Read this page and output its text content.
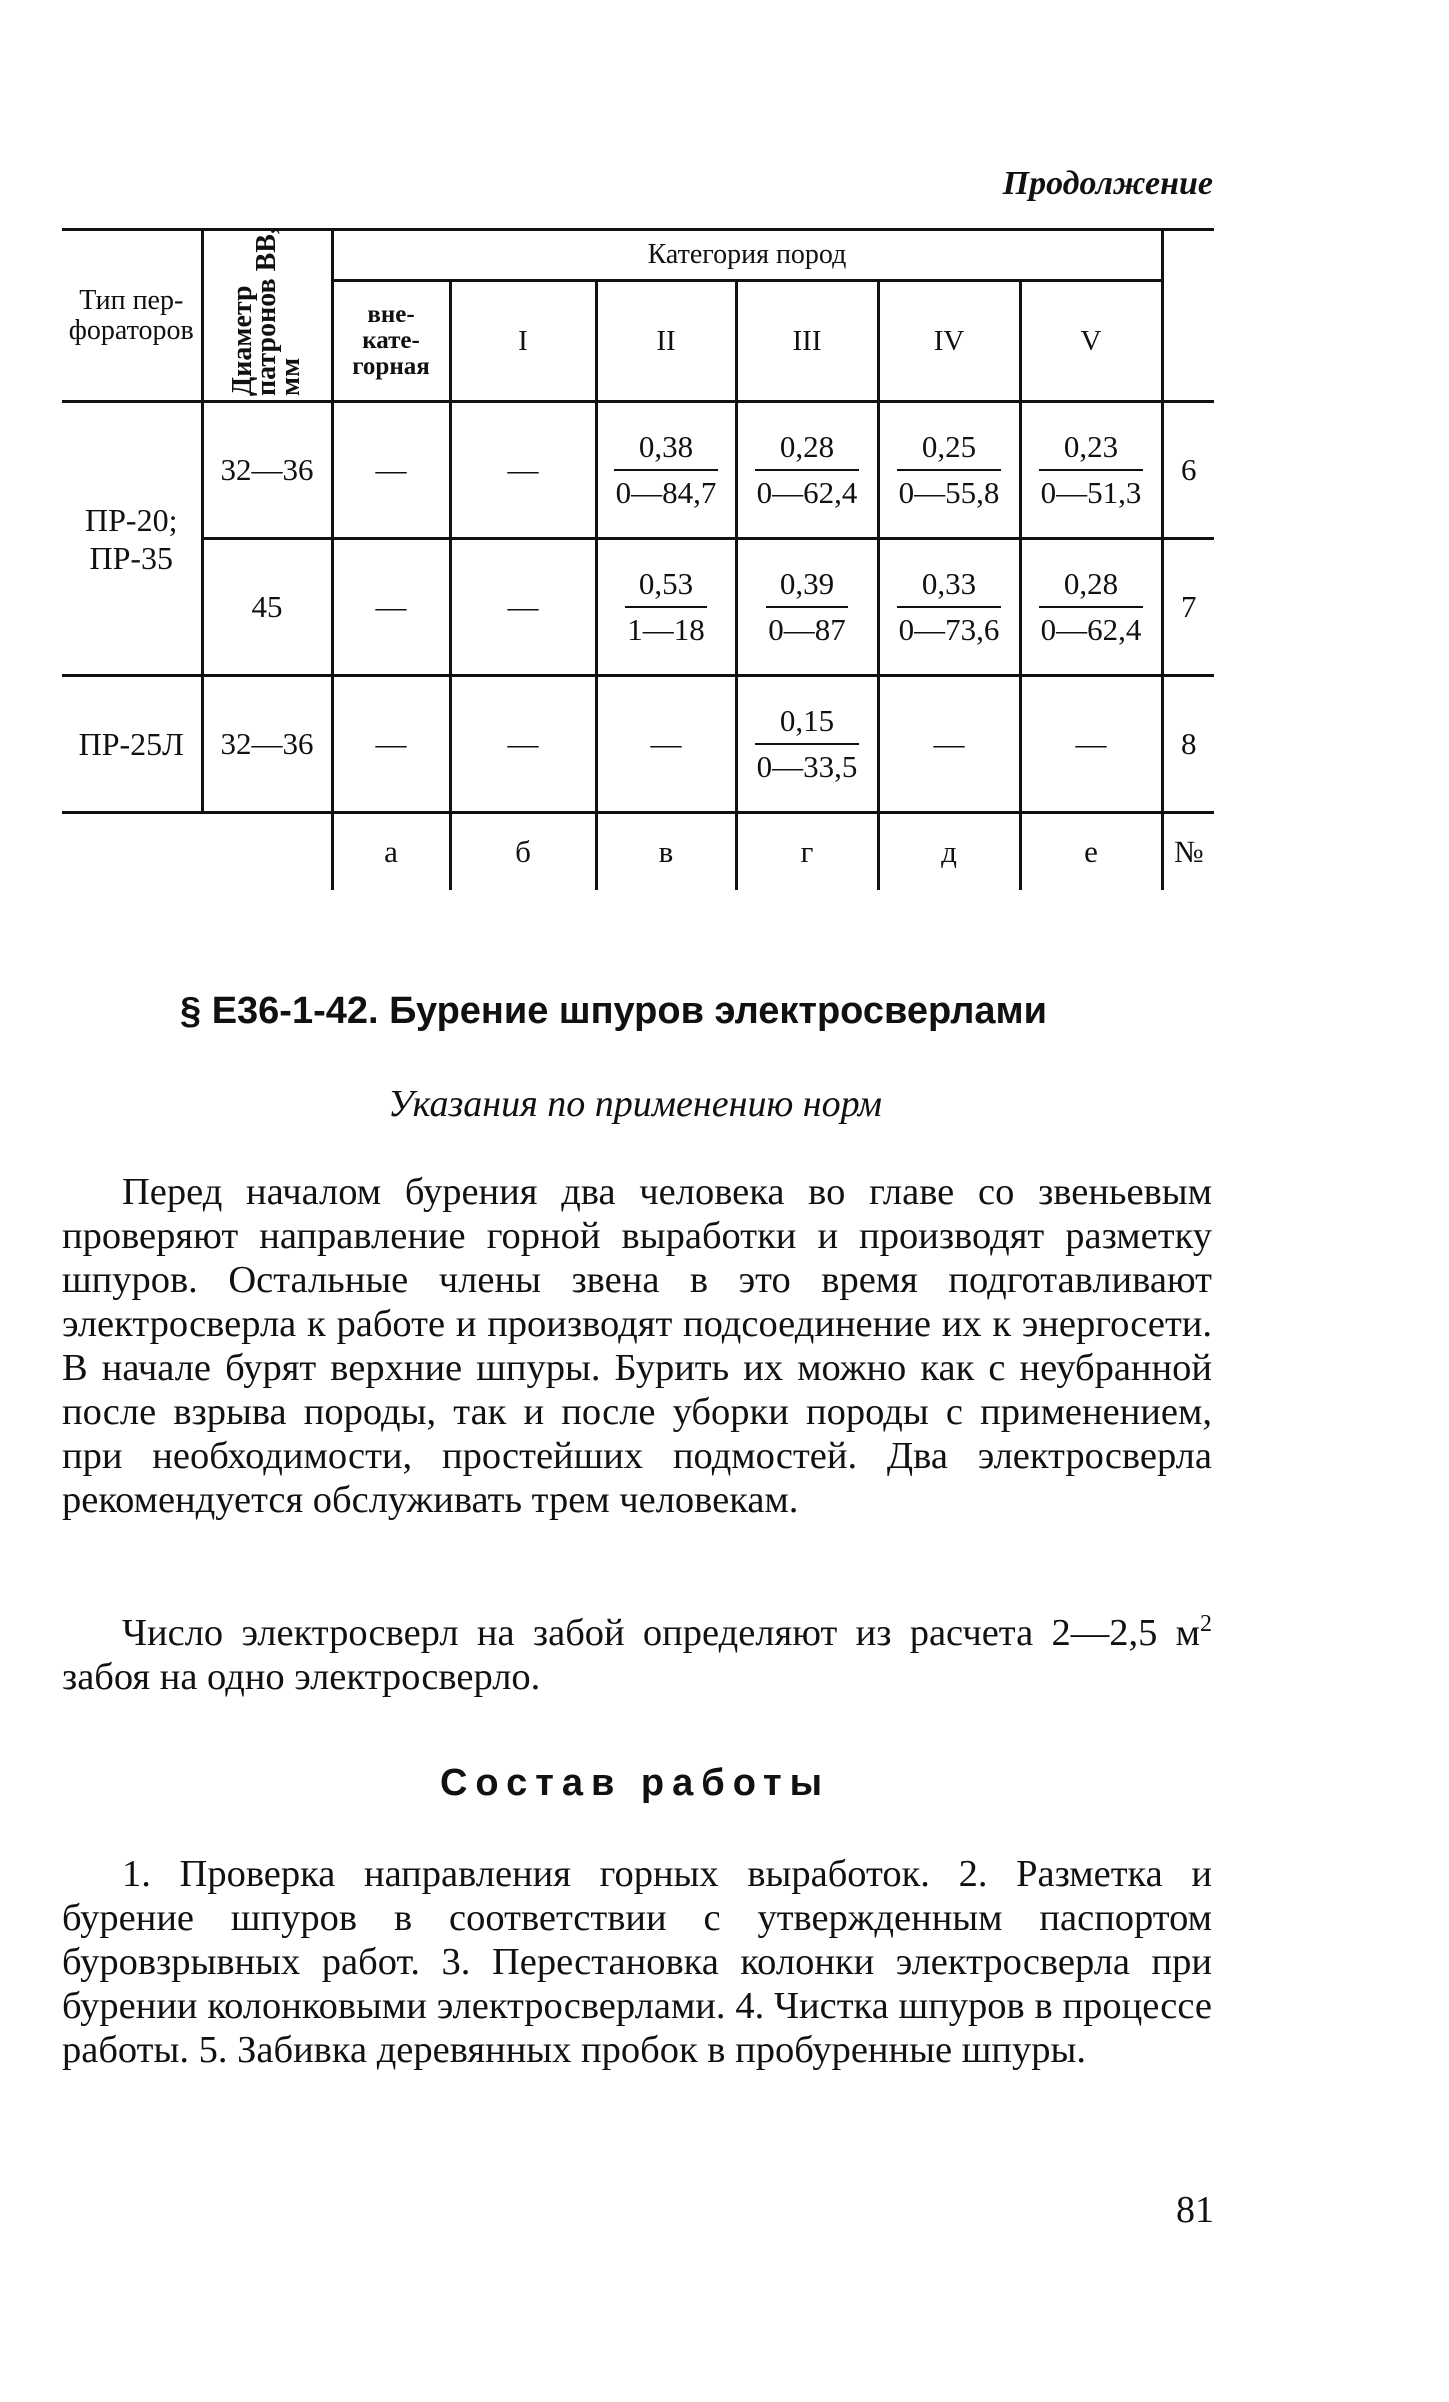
Продолжение
Тип пер-
фораторов	Диаметр патронов ВВ, мм	Категория пород						
		вне-
кате-
горная	I	II	III	IV	V	
ПР-20;
ПР-35	32—36	—	—	$\frac{0,38}{0—84,7}$	$\frac{0,28}{0—62,4}$	$\frac{0,25}{0—55,8}$	$\frac{0,23}{0—51,3}$	6
	45	—	—	$\frac{0,53}{1—18}$	$\frac{0,39}{0—87}$	$\frac{0,33}{0—73,6}$	$\frac{0,28}{0—62,4}$	7
ПР-25Л	32—36	—	—	—	$\frac{0,15}{0—33,5}$	—	—	8
		а	б	в	г	д	е	№
§ Е36-1-42. Бурение шпуров электросверлами
Указания по применению норм

Перед началом бурения два человека во главе со звеньевым проверяют направление горной выработки и производят разметку шпуров. Остальные члены звена в это время подготавливают электросверла к работе и производят подсоединение их к энергосети. В начале бурят верхние шпуры. Бурить их можно как с неубранной после взрыва породы, так и после уборки породы с применением, при необходимости, простейших подмостей. Два электросверла рекомендуется обслуживать трем человекам.

Число электросверл на забой определяют из расчета 2—2,5 $м^2$ забоя на одно электросверло.

Состав работы

1. Проверка направления горных выработок. 2. Разметка и бурение шпуров в соответствии с утвержденным паспортом буровзрывных работ. 3. Перестановка колонки электросверла при бурении колонковыми электросверлами. 4. Чистка шпуров в процессе работы. 5. Забивка деревянных пробок в пробуренные шпуры.

81
